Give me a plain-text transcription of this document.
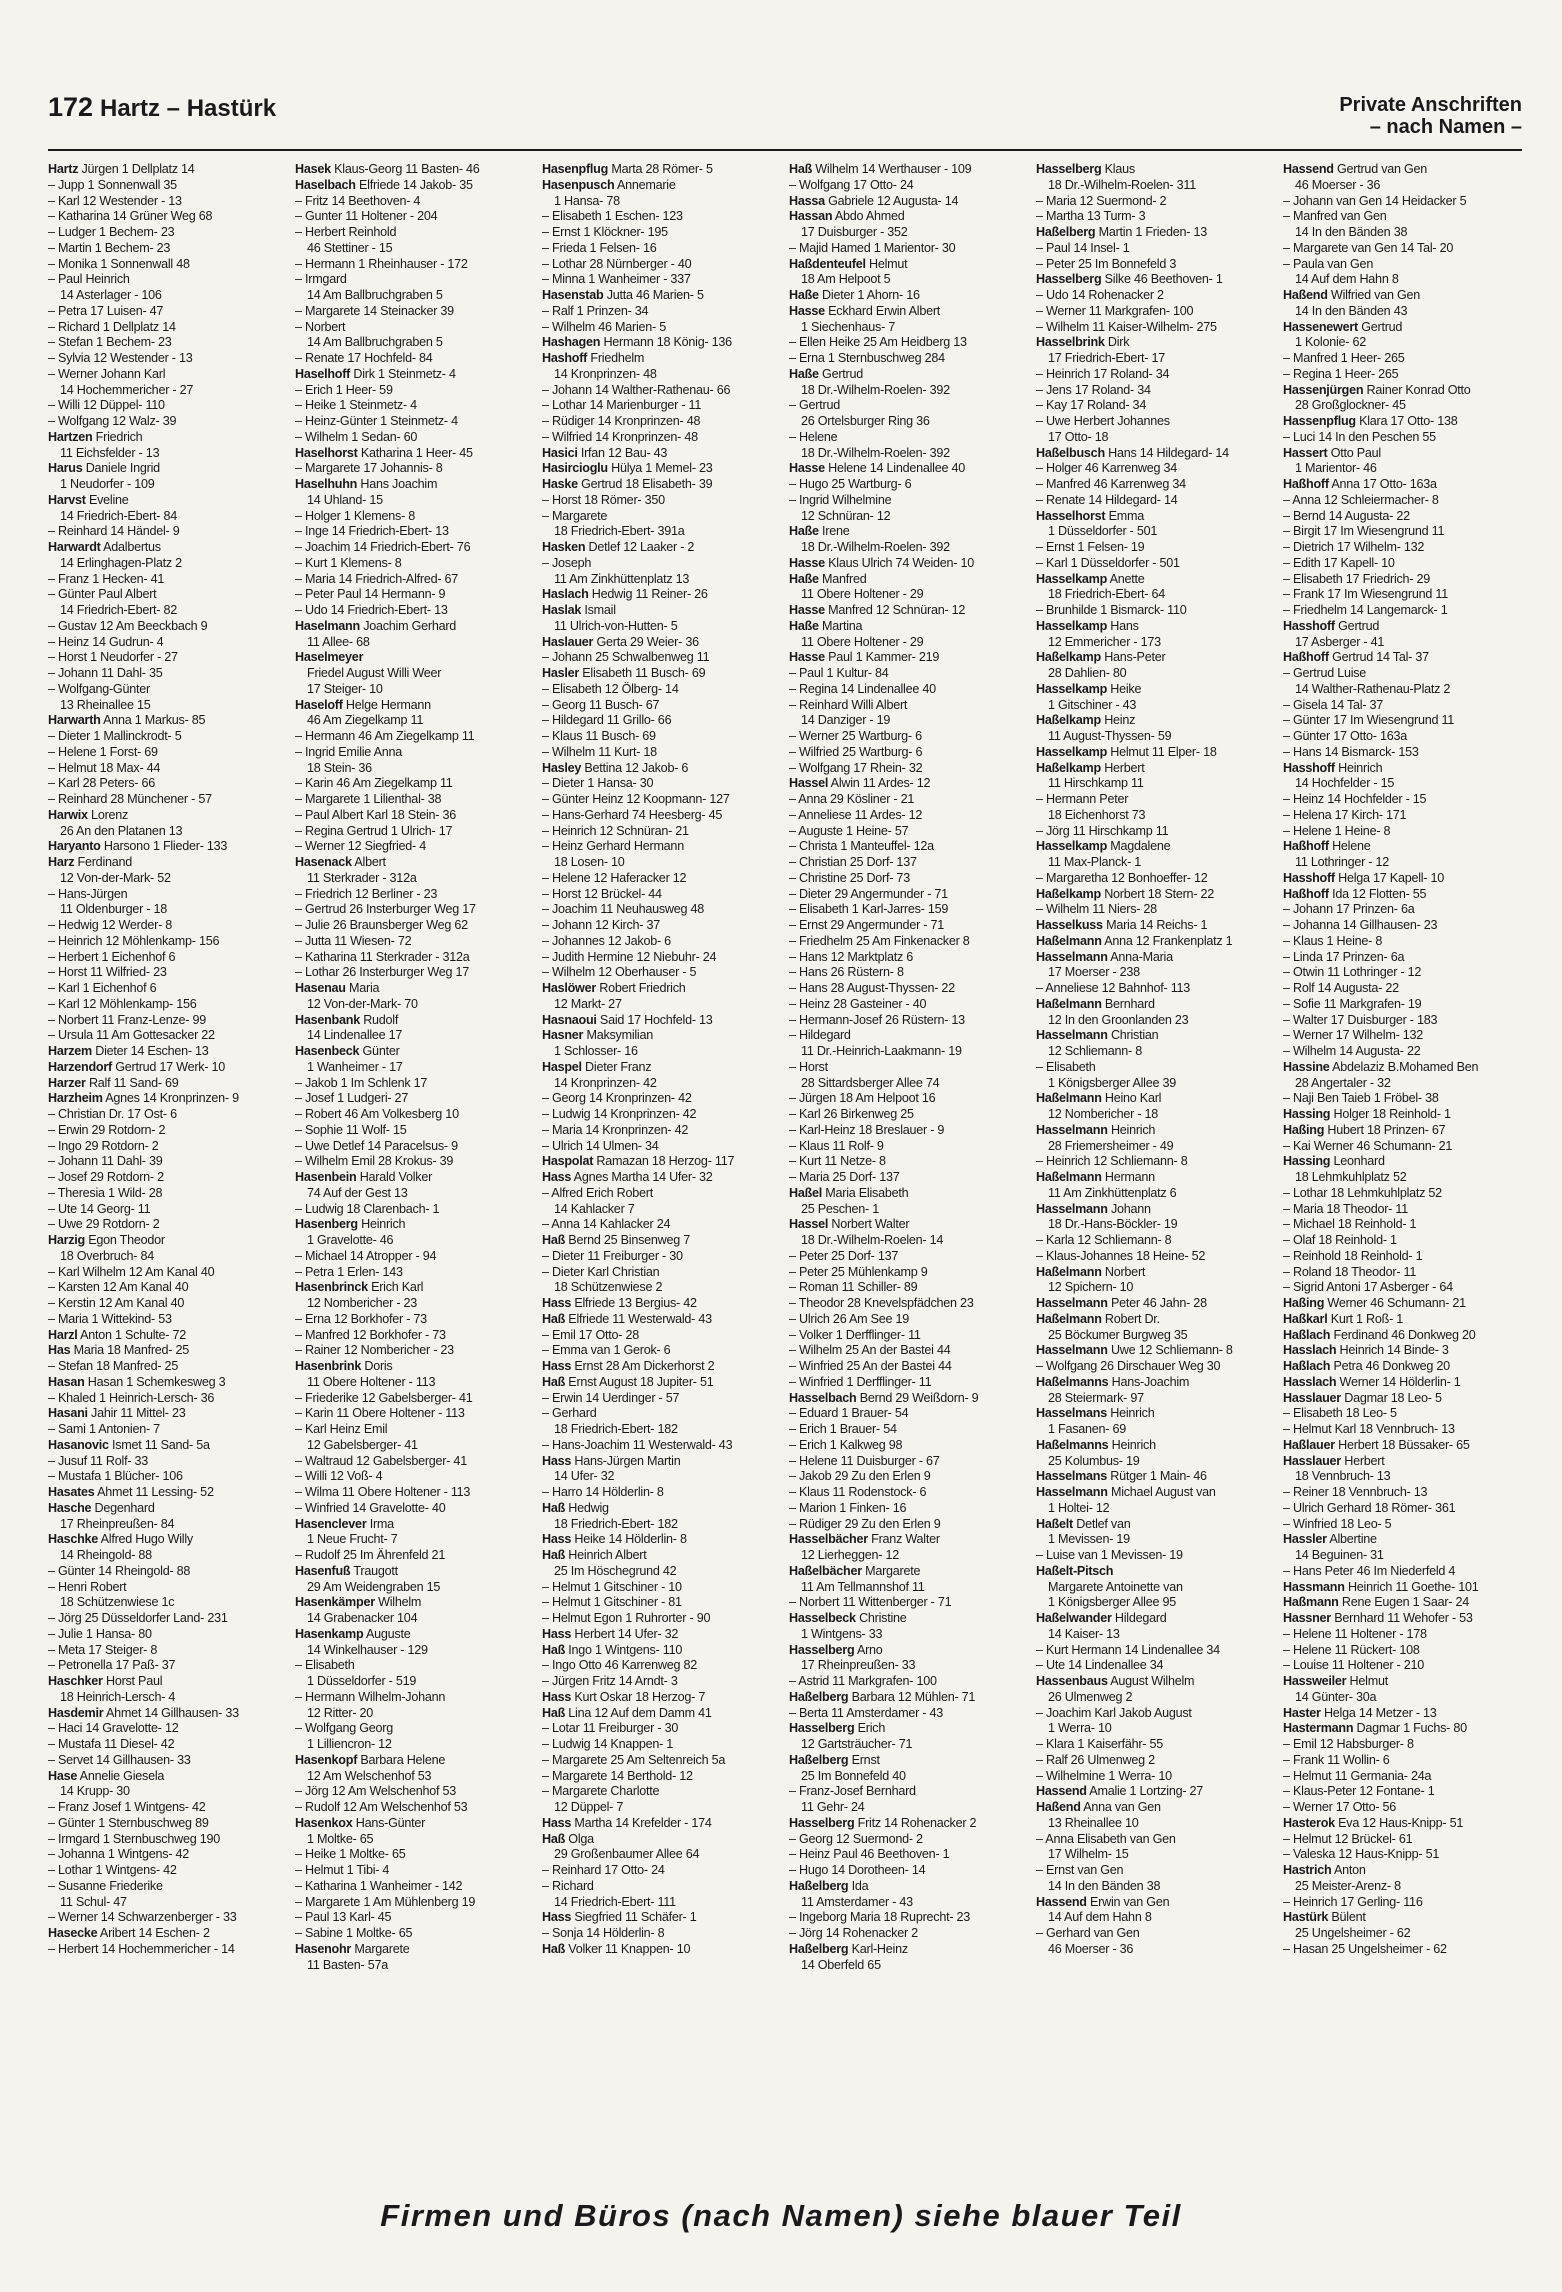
172 Hartz – Hastürk	Private Anschriften
– nach Namen –
Hartz Jürgen 1 Dellplatz 14
– Jupp 1 Sonnenwall 35
– Karl 12 Westender - 13
– Katharina 14 Grüner Weg 68
– Ludger 1 Bechem- 23
– Martin 1 Bechem- 23
– Monika 1 Sonnenwall 48
– Paul Heinrich
14 Asterlager - 106
– Petra 17 Luisen- 47
– Richard 1 Dellplatz 14
– Stefan 1 Bechem- 23
– Sylvia 12 Westender - 13
– Werner Johann Karl
14 Hochemmericher - 27
– Willi 12 Düppel- 110
– Wolfgang 12 Walz- 39
Hartzen Friedrich
11 Eichsfelder - 13
Harus Daniele Ingrid
1 Neudorfer - 109
Harvst Eveline
14 Friedrich-Ebert- 84
– Reinhard 14 Händel- 9
Harwardt Adalbertus
14 Erlinghagen-Platz 2
– Franz 1 Hecken- 41
– Günter Paul Albert
14 Friedrich-Ebert- 82
– Gustav 12 Am Beeckbach 9
– Heinz 14 Gudrun- 4
– Horst 1 Neudorfer - 27
– Johann 11 Dahl- 35
– Wolfgang-Günter
13 Rheinallee 15
Harwarth Anna 1 Markus- 85
– Dieter 1 Mallinckrodt- 5
– Helene 1 Forst- 69
– Helmut 18 Max- 44
– Karl 28 Peters- 66
– Reinhard 28 Münchener - 57
Harwix Lorenz
26 An den Platanen 13
Haryanto Harsono 1 Flieder- 133
Harz Ferdinand
12 Von-der-Mark- 52
– Hans-Jürgen
11 Oldenburger - 18
– Hedwig 12 Werder- 8
– Heinrich 12 Möhlenkamp- 156
– Herbert 1 Eichenhof 6
– Horst 11 Wilfried- 23
– Karl 1 Eichenhof 6
– Karl 12 Möhlenkamp- 156
– Norbert 11 Franz-Lenze- 99
– Ursula 11 Am Gottesacker 22
Harzem Dieter 14 Eschen- 13
Harzendorf Gertrud 17 Werk- 10
Harzer Ralf 11 Sand- 69
Harzheim Agnes 14 Kronprinzen- 9
– Christian Dr. 17 Ost- 6
– Erwin 29 Rotdorn- 2
– Ingo 29 Rotdorn- 2
– Johann 11 Dahl- 39
– Josef 29 Rotdorn- 2
– Theresia 1 Wild- 28
– Ute 14 Georg- 11
– Uwe 29 Rotdorn- 2
Harzig Egon Theodor
18 Overbruch- 84
– Karl Wilhelm 12 Am Kanal 40
– Karsten 12 Am Kanal 40
– Kerstin 12 Am Kanal 40
– Maria 1 Wittekind- 53
Harzl Anton 1 Schulte- 72
Has Maria 18 Manfred- 25
– Stefan 18 Manfred- 25
Hasan Hasan 1 Schemkesweg 3
– Khaled 1 Heinrich-Lersch- 36
Hasani Jahir 11 Mittel- 23
– Sami 1 Antonien- 7
Hasanovic Ismet 11 Sand- 5a
– Jusuf 11 Rolf- 33
– Mustafa 1 Blücher- 106
Hasates Ahmet 11 Lessing- 52
Hasche Degenhard
17 Rheinpreußen- 84
Haschke Alfred Hugo Willy
14 Rheingold- 88
– Günter 14 Rheingold- 88
– Henri Robert
18 Schützenwiese 1c
– Jörg 25 Düsseldorfer Land- 231
– Julie 1 Hansa- 80
– Meta 17 Steiger- 8
– Petronella 17 Paß- 37
Haschker Horst Paul
18 Heinrich-Lersch- 4
Hasdemir Ahmet 14 Gillhausen- 33
– Haci 14 Gravelotte- 12
– Mustafa 11 Diesel- 42
– Servet 14 Gillhausen- 33
Hase Annelie Giesela
14 Krupp- 30
– Franz Josef 1 Wintgens- 42
– Günter 1 Sternbuschweg 89
– Irmgard 1 Sternbuschweg 190
– Johanna 1 Wintgens- 42
– Lothar 1 Wintgens- 42
– Susanne Friederike
11 Schul- 47
– Werner 14 Schwarzenberger - 33
Hasecke Aribert 14 Eschen- 2
– Herbert 14 Hochemmericher - 14
Hasek Klaus-Georg 11 Basten- 46
Haselbach Elfriede 14 Jakob- 35
– Fritz 14 Beethoven- 4
– Gunter 11 Holtener - 204
– Herbert Reinhold
46 Stettiner - 15
– Hermann 1 Rheinhauser - 172
– Irmgard
14 Am Ballbruchgraben 5
– Margarete 14 Steinacker 39
– Norbert
14 Am Ballbruchgraben 5
– Renate 17 Hochfeld- 84
Haselhoff Dirk 1 Steinmetz- 4
– Erich 1 Heer- 59
– Heike 1 Steinmetz- 4
– Heinz-Günter 1 Steinmetz- 4
– Wilhelm 1 Sedan- 60
Haselhorst Katharina 1 Heer- 45
– Margarete 17 Johannis- 8
Haselhuhn Hans Joachim
14 Uhland- 15
– Holger 1 Klemens- 8
– Inge 14 Friedrich-Ebert- 13
– Joachim 14 Friedrich-Ebert- 76
– Kurt 1 Klemens- 8
– Maria 14 Friedrich-Alfred- 67
– Peter Paul 14 Hermann- 9
– Udo 14 Friedrich-Ebert- 13
Haselmann Joachim Gerhard
11 Allee- 68
Haselmeyer
Friedel August Willi Weer
17 Steiger- 10
Haseloff Helge Hermann
46 Am Ziegelkamp 11
– Hermann 46 Am Ziegelkamp 11
– Ingrid Emilie Anna
18 Stein- 36
– Karin 46 Am Ziegelkamp 11
– Margarete 1 Lilienthal- 38
– Paul Albert Karl 18 Stein- 36
– Regina Gertrud 1 Ulrich- 17
– Werner 12 Siegfried- 4
Hasenack Albert
11 Sterkrader - 312a
– Friedrich 12 Berliner - 23
– Gertrud 26 Insterburger Weg 17
– Julie 26 Braunsberger Weg 62
– Jutta 11 Wiesen- 72
– Katharina 11 Sterkrader - 312a
– Lothar 26 Insterburger Weg 17
Hasenau Maria
12 Von-der-Mark- 70
Hasenbank Rudolf
14 Lindenallee 17
Hasenbeck Günter
1 Wanheimer - 17
– Jakob 1 Im Schlenk 17
– Josef 1 Ludgeri- 27
– Robert 46 Am Volkesberg 10
– Sophie 11 Wolf- 15
– Uwe Detlef 14 Paracelsus- 9
– Wilhelm Emil 28 Krokus- 39
Hasenbein Harald Volker
74 Auf der Gest 13
– Ludwig 18 Clarenbach- 1
Hasenberg Heinrich
1 Gravelotte- 46
– Michael 14 Atropper - 94
– Petra 1 Erlen- 143
Hasenbrinck Erich Karl
12 Nombericher - 23
– Erna 12 Borkhofer - 73
– Manfred 12 Borkhofer - 73
– Rainer 12 Nombericher - 23
Hasenbrink Doris
11 Obere Holtener - 113
– Friederike 12 Gabelsberger- 41
– Karin 11 Obere Holtener - 113
– Karl Heinz Emil
12 Gabelsberger- 41
– Waltraud 12 Gabelsberger- 41
– Willi 12 Voß- 4
– Wilma 11 Obere Holtener - 113
– Winfried 14 Gravelotte- 40
Hasenclever Irma
1 Neue Frucht- 7
– Rudolf 25 Im Ährenfeld 21
Hasenfuß Traugott
29 Am Weidengraben 15
Hasenkämper Wilhelm
14 Grabenacker 104
Hasenkamp Auguste
14 Winkelhauser - 129
– Elisabeth
1 Düsseldorfer - 519
– Hermann Wilhelm-Johann
12 Ritter- 20
– Wolfgang Georg
1 Lilliencron- 12
Hasenkopf Barbara Helene
12 Am Welschenhof 53
– Jörg 12 Am Welschenhof 53
– Rudolf 12 Am Welschenhof 53
Hasenkox Hans-Günter
1 Moltke- 65
– Heike 1 Moltke- 65
– Helmut 1 Tibi- 4
– Katharina 1 Wanheimer - 142
– Margarete 1 Am Mühlenberg 19
– Paul 13 Karl- 45
– Sabine 1 Moltke- 65
Hasenohr Margarete
11 Basten- 57a
Hasenpflug Marta 28 Römer- 5
Hasenpusch Annemarie
1 Hansa- 78
– Elisabeth 1 Eschen- 123
– Ernst 1 Klöckner- 195
– Frieda 1 Felsen- 16
– Lothar 28 Nürnberger - 40
– Minna 1 Wanheimer - 337
Hasenstab Jutta 46 Marien- 5
– Ralf 1 Prinzen- 34
– Wilhelm 46 Marien- 5
Hashagen Hermann 18 König- 136
Hashoff Friedhelm
14 Kronprinzen- 48
– Johann 14 Walther-Rathenau- 66
– Lothar 14 Marienburger - 11
– Rüdiger 14 Kronprinzen- 48
– Wilfried 14 Kronprinzen- 48
Hasici Irfan 12 Bau- 43
Hasircioglu Hülya 1 Memel- 23
Haske Gertrud 18 Elisabeth- 39
– Horst 18 Römer- 350
– Margarete
18 Friedrich-Ebert- 391a
Hasken Detlef 12 Laaker - 2
– Joseph
11 Am Zinkhüttenplatz 13
Haslach Hedwig 11 Reiner- 26
Haslak Ismail
11 Ulrich-von-Hutten- 5
Haslauer Gerta 29 Weier- 36
– Johann 25 Schwalbenweg 11
Hasler Elisabeth 11 Busch- 69
– Elisabeth 12 Ölberg- 14
– Georg 11 Busch- 67
– Hildegard 11 Grillo- 66
– Klaus 11 Busch- 69
– Wilhelm 11 Kurt- 18
Hasley Bettina 12 Jakob- 6
– Dieter 1 Hansa- 30
– Günter Heinz 12 Koopmann- 127
– Hans-Gerhard 74 Heesberg- 45
– Heinrich 12 Schnüran- 21
– Heinz Gerhard Hermann
18 Losen- 10
– Helene 12 Haferacker 12
– Horst 12 Brückel- 44
– Joachim 11 Neuhausweg 48
– Johann 12 Kirch- 37
– Johannes 12 Jakob- 6
– Judith Hermine 12 Niebuhr- 24
– Wilhelm 12 Oberhauser - 5
Haslöwer Robert Friedrich
12 Markt- 27
Hasnaoui Said 17 Hochfeld- 13
Hasner Maksymilian
1 Schlosser- 16
Haspel Dieter Franz
14 Kronprinzen- 42
– Georg 14 Kronprinzen- 42
– Ludwig 14 Kronprinzen- 42
– Maria 14 Kronprinzen- 42
– Ulrich 14 Ulmen- 34
Haspolat Ramazan 18 Herzog- 117
Hass Agnes Martha 14 Ufer- 32
– Alfred Erich Robert
14 Kahlacker 7
– Anna 14 Kahlacker 24
Haß Bernd 25 Binsenweg 7
– Dieter 11 Freiburger - 30
– Dieter Karl Christian
18 Schützenwiese 2
Hass Elfriede 13 Bergius- 42
Haß Elfriede 11 Westerwald- 43
– Emil 17 Otto- 28
– Emma van 1 Gerok- 6
Hass Ernst 28 Am Dickerhorst 2
Haß Ernst August 18 Jupiter- 51
– Erwin 14 Uerdinger - 57
– Gerhard
18 Friedrich-Ebert- 182
– Hans-Joachim 11 Westerwald- 43
Hass Hans-Jürgen Martin
14 Ufer- 32
– Harro 14 Hölderlin- 8
Haß Hedwig
18 Friedrich-Ebert- 182
Hass Heike 14 Hölderlin- 8
Haß Heinrich Albert
25 Im Höschegrund 42
– Helmut 1 Gitschiner - 10
– Helmut 1 Gitschiner - 81
– Helmut Egon 1 Ruhrorter - 90
Hass Herbert 14 Ufer- 32
Haß Ingo 1 Wintgens- 110
– Ingo Otto 46 Karrenweg 82
– Jürgen Fritz 14 Arndt- 3
Hass Kurt Oskar 18 Herzog- 7
Haß Lina 12 Auf dem Damm 41
– Lotar 11 Freiburger - 30
– Ludwig 14 Knappen- 1
– Margarete 25 Am Seltenreich 5a
– Margarete 14 Berthold- 12
– Margarete Charlotte
12 Düppel- 7
Hass Martha 14 Krefelder - 174
Haß Olga
29 Großenbaumer Allee 64
– Reinhard 17 Otto- 24
– Richard
14 Friedrich-Ebert- 111
Hass Siegfried 11 Schäfer- 1
– Sonja 14 Hölderlin- 8
Haß Volker 11 Knappen- 10
Haß Wilhelm 14 Werthauser - 109
– Wolfgang 17 Otto- 24
Hassa Gabriele 12 Augusta- 14
Hassan Abdo Ahmed
17 Duisburger - 352
– Majid Hamed 1 Marientor- 30
Haßdenteufel Helmut
18 Am Helpoot 5
Haße Dieter 1 Ahorn- 16
Hasse Eckhard Erwin Albert
1 Siechenhaus- 7
– Ellen Heike 25 Am Heidberg 13
– Erna 1 Sternbuschweg 284
Haße Gertrud
18 Dr.-Wilhelm-Roelen- 392
– Gertrud
26 Ortelsburger Ring 36
– Helene
18 Dr.-Wilhelm-Roelen- 392
Hasse Helene 14 Lindenallee 40
– Hugo 25 Wartburg- 6
– Ingrid Wilhelmine
12 Schnüran- 12
Haße Irene
18 Dr.-Wilhelm-Roelen- 392
Hasse Klaus Ulrich 74 Weiden- 10
Haße Manfred
11 Obere Holtener - 29
Hasse Manfred 12 Schnüran- 12
Haße Martina
11 Obere Holtener - 29
Hasse Paul 1 Kammer- 219
– Paul 1 Kultur- 84
– Regina 14 Lindenallee 40
– Reinhard Willi Albert
14 Danziger - 19
– Werner 25 Wartburg- 6
– Wilfried 25 Wartburg- 6
– Wolfgang 17 Rhein- 32
Hassel Alwin 11 Ardes- 12
– Anna 29 Kösliner - 21
– Anneliese 11 Ardes- 12
– Auguste 1 Heine- 57
– Christa 1 Manteuffel- 12a
– Christian 25 Dorf- 137
– Christine 25 Dorf- 73
– Dieter 29 Angermunder - 71
– Elisabeth 1 Karl-Jarres- 159
– Ernst 29 Angermunder - 71
– Friedhelm 25 Am Finkenacker 8
– Hans 12 Marktplatz 6
– Hans 26 Rüstern- 8
– Hans 28 August-Thyssen- 22
– Heinz 28 Gasteiner - 40
– Hermann-Josef 26 Rüstern- 13
– Hildegard
11 Dr.-Heinrich-Laakmann- 19
– Horst
28 Sittardsberger Allee 74
– Jürgen 18 Am Helpoot 16
– Karl 26 Birkenweg 25
– Karl-Heinz 18 Breslauer - 9
– Klaus 11 Rolf- 9
– Kurt 11 Netze- 8
– Maria 25 Dorf- 137
Haßel Maria Elisabeth
25 Peschen- 1
Hassel Norbert Walter
18 Dr.-Wilhelm-Roelen- 14
– Peter 25 Dorf- 137
– Peter 25 Mühlenkamp 9
– Roman 11 Schiller- 89
– Theodor 28 Knevelspfädchen 23
– Ulrich 26 Am See 19
– Volker 1 Derfflinger- 11
– Wilhelm 25 An der Bastei 44
– Winfried 25 An der Bastei 44
– Winfried 1 Derfflinger- 11
Hasselbach Bernd 29 Weißdorn- 9
– Eduard 1 Brauer- 54
– Erich 1 Brauer- 54
– Erich 1 Kalkweg 98
– Helene 11 Duisburger - 67
– Jakob 29 Zu den Erlen 9
– Klaus 11 Rodenstock- 6
– Marion 1 Finken- 16
– Rüdiger 29 Zu den Erlen 9
Hasselbächer Franz Walter
12 Lierheggen- 12
Haßelbächer Margarete
11 Am Tellmannshof 11
– Norbert 11 Wittenberger - 71
Hasselbeck Christine
1 Wintgens- 33
Hasselberg Arno
17 Rheinpreußen- 33
– Astrid 11 Markgrafen- 100
Haßelberg Barbara 12 Mühlen- 71
– Berta 11 Amsterdamer - 43
Hasselberg Erich
12 Gartsträucher- 71
Haßelberg Ernst
25 Im Bonnefeld 40
– Franz-Josef Bernhard
11 Gehr- 24
Hasselberg Fritz 14 Rohenacker 2
– Georg 12 Suermond- 2
– Heinz Paul 46 Beethoven- 1
– Hugo 14 Dorotheen- 14
Haßelberg Ida
11 Amsterdamer - 43
– Ingeborg Maria 18 Ruprecht- 23
– Jörg 14 Rohenacker 2
Haßelberg Karl-Heinz
14 Oberfeld 65
Hasselberg Klaus
18 Dr.-Wilhelm-Roelen- 311
– Maria 12 Suermond- 2
– Martha 13 Turm- 3
Haßelberg Martin 1 Frieden- 13
– Paul 14 Insel- 1
– Peter 25 Im Bonnefeld 3
Hasselberg Silke 46 Beethoven- 1
– Udo 14 Rohenacker 2
– Werner 11 Markgrafen- 100
– Wilhelm 11 Kaiser-Wilhelm- 275
Hasselbrink Dirk
17 Friedrich-Ebert- 17
– Heinrich 17 Roland- 34
– Jens 17 Roland- 34
– Kay 17 Roland- 34
– Uwe Herbert Johannes
17 Otto- 18
Haßelbusch Hans 14 Hildegard- 14
– Holger 46 Karrenweg 34
– Manfred 46 Karrenweg 34
– Renate 14 Hildegard- 14
Hasselhorst Emma
1 Düsseldorfer - 501
– Ernst 1 Felsen- 19
– Karl 1 Düsseldorfer - 501
Hasselkamp Anette
18 Friedrich-Ebert- 64
– Brunhilde 1 Bismarck- 110
Hasselkamp Hans
12 Emmericher - 173
Haßelkamp Hans-Peter
28 Dahlien- 80
Hasselkamp Heike
1 Gitschiner - 43
Haßelkamp Heinz
11 August-Thyssen- 59
Hasselkamp Helmut 11 Elper- 18
Haßelkamp Herbert
11 Hirschkamp 11
– Hermann Peter
18 Eichenhorst 73
– Jörg 11 Hirschkamp 11
Hasselkamp Magdalene
11 Max-Planck- 1
– Margaretha 12 Bonhoeffer- 12
Haßelkamp Norbert 18 Stern- 22
– Wilhelm 11 Niers- 28
Hasselkuss Maria 14 Reichs- 1
Haßelmann Anna 12 Frankenplatz 1
Hasselmann Anna-Maria
17 Moerser - 238
– Anneliese 12 Bahnhof- 113
Haßelmann Bernhard
12 In den Groonlanden 23
Hasselmann Christian
12 Schliemann- 8
– Elisabeth
1 Königsberger Allee 39
Haßelmann Heino Karl
12 Nombericher - 18
Hasselmann Heinrich
28 Friemersheimer - 49
– Heinrich 12 Schliemann- 8
Haßelmann Hermann
11 Am Zinkhüttenplatz 6
Hasselmann Johann
18 Dr.-Hans-Böckler- 19
– Karla 12 Schliemann- 8
– Klaus-Johannes 18 Heine- 52
Haßelmann Norbert
12 Spichern- 10
Hasselmann Peter 46 Jahn- 28
Haßelmann Robert Dr.
25 Böckumer Burgweg 35
Hasselmann Uwe 12 Schliemann- 8
– Wolfgang 26 Dirschauer Weg 30
Haßelmanns Hans-Joachim
28 Steiermark- 97
Hasselmans Heinrich
1 Fasanen- 69
Haßelmanns Heinrich
25 Kolumbus- 19
Hasselmans Rütger 1 Main- 46
Hasselmann Michael August van
1 Holtei- 12
Haßelt Detlef van
1 Mevissen- 19
– Luise van 1 Mevissen- 19
Haßelt-Pitsch
Margarete Antoinette van
1 Königsberger Allee 95
Haßelwander Hildegard
14 Kaiser- 13
– Kurt Hermann 14 Lindenallee 34
– Ute 14 Lindenallee 34
Hassenbaus August Wilhelm
26 Ulmenweg 2
– Joachim Karl Jakob August
1 Werra- 10
– Klara 1 Kaiserfähr- 55
– Ralf 26 Ulmenweg 2
– Wilhelmine 1 Werra- 10
Hassend Amalie 1 Lortzing- 27
Haßend Anna van Gen
13 Rheinallee 10
– Anna Elisabeth van Gen
17 Wilhelm- 15
– Ernst van Gen
14 In den Bänden 38
Hassend Erwin van Gen
14 Auf dem Hahn 8
– Gerhard van Gen
46 Moerser - 36
Hassend Gertrud van Gen
46 Moerser - 36
– Johann van Gen 14 Heidacker 5
– Manfred van Gen
14 In den Bänden 38
– Margarete van Gen 14 Tal- 20
– Paula van Gen
14 Auf dem Hahn 8
Haßend Wilfried van Gen
14 In den Bänden 43
Hassenewert Gertrud
1 Kolonie- 62
– Manfred 1 Heer- 265
– Regina 1 Heer- 265
Hassenjürgen Rainer Konrad Otto
28 Großglockner- 45
Hassenpflug Klara 17 Otto- 138
– Luci 14 In den Peschen 55
Hassert Otto Paul
1 Marientor- 46
Haßhoff Anna 17 Otto- 163a
– Anna 12 Schleiermacher- 8
– Bernd 14 Augusta- 22
– Birgit 17 Im Wiesengrund 11
– Dietrich 17 Wilhelm- 132
– Edith 17 Kapell- 10
– Elisabeth 17 Friedrich- 29
– Frank 17 Im Wiesengrund 11
– Friedhelm 14 Langemarck- 1
Hasshoff Gertrud
17 Asberger - 41
Haßhoff Gertrud 14 Tal- 37
– Gertrud Luise
14 Walther-Rathenau-Platz 2
– Gisela 14 Tal- 37
– Günter 17 Im Wiesengrund 11
– Günter 17 Otto- 163a
– Hans 14 Bismarck- 153
Hasshoff Heinrich
14 Hochfelder - 15
– Heinz 14 Hochfelder - 15
– Helena 17 Kirch- 171
– Helene 1 Heine- 8
Haßhoff Helene
11 Lothringer - 12
Hasshoff Helga 17 Kapell- 10
Haßhoff Ida 12 Flotten- 55
– Johann 17 Prinzen- 6a
– Johanna 14 Gillhausen- 23
– Klaus 1 Heine- 8
– Linda 17 Prinzen- 6a
– Otwin 11 Lothringer - 12
– Rolf 14 Augusta- 22
– Sofie 11 Markgrafen- 19
– Walter 17 Duisburger - 183
– Werner 17 Wilhelm- 132
– Wilhelm 14 Augusta- 22
Hassine Abdelaziz B.Mohamed Ben
28 Angertaler - 32
– Naji Ben Taieb 1 Fröbel- 38
Hassing Holger 18 Reinhold- 1
Haßing Hubert 18 Prinzen- 67
– Kai Werner 46 Schumann- 21
Hassing Leonhard
18 Lehmkuhlplatz 52
– Lothar 18 Lehmkuhlplatz 52
– Maria 18 Theodor- 11
– Michael 18 Reinhold- 1
– Olaf 18 Reinhold- 1
– Reinhold 18 Reinhold- 1
– Roland 18 Theodor- 11
– Sigrid Antoni 17 Asberger - 64
Haßing Werner 46 Schumann- 21
Haßkarl Kurt 1 Roß- 1
Haßlach Ferdinand 46 Donkweg 20
Hasslach Heinrich 14 Binde- 3
Haßlach Petra 46 Donkweg 20
Hasslach Werner 14 Hölderlin- 1
Hasslauer Dagmar 18 Leo- 5
– Elisabeth 18 Leo- 5
– Helmut Karl 18 Vennbruch- 13
Haßlauer Herbert 18 Büssaker- 65
Hasslauer Herbert
18 Vennbruch- 13
– Reiner 18 Vennbruch- 13
– Ulrich Gerhard 18 Römer- 361
– Winfried 18 Leo- 5
Hassler Albertine
14 Beguinen- 31
– Hans Peter 46 Im Niederfeld 4
Hassmann Heinrich 11 Goethe- 101
Haßmann Rene Eugen 1 Saar- 24
Hassner Bernhard 11 Wehofer - 53
– Helene 11 Holtener - 178
– Helene 11 Rückert- 108
– Louise 11 Holtener - 210
Hassweiler Helmut
14 Günter- 30a
Haster Helga 14 Metzer - 13
Hastermann Dagmar 1 Fuchs- 80
– Emil 12 Habsburger- 8
– Frank 11 Wollin- 6
– Helmut 11 Germania- 24a
– Klaus-Peter 12 Fontane- 1
– Werner 17 Otto- 56
Hasterok Eva 12 Haus-Knipp- 51
– Helmut 12 Brückel- 61
– Valeska 12 Haus-Knipp- 51
Hastrich Anton
25 Meister-Arenz- 8
– Heinrich 17 Gerling- 116
Hastürk Bülent
25 Ungelsheimer - 62
– Hasan 25 Ungelsheimer - 62
Firmen und Büros (nach Namen) siehe blauer Teil
